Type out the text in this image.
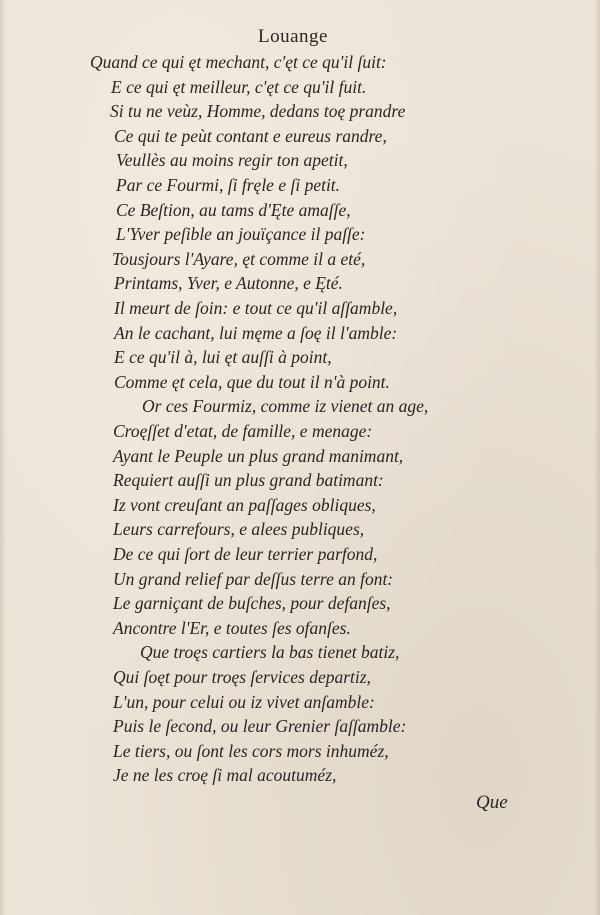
Louange
Quand ce qui ęt mechant, c'ęt ce qu'il ſuit:
E ce qui ęt meilleur, c'ęt ce qu'il fuit.
Si tu ne veùz, Homme, dedans toę prandre
Ce qui te peùt contant e eureus randre,
Veullès au moins regir ton apetit,
Par ce Fourmi, ſi fręle e ſi petit.
Ce Beſtion, au tams d'Ęte amaſſe,
L'Yver peſible an jouïçance il paſſe:
Tousjours l'Ayare, ęt comme il a eté,
Printams, Yver, e Autonne, e Ęté.
Il meurt de ſoin: e tout ce qu'il aſſamble,
An le cachant, lui męme a ſoę il l'amble:
E ce qu'il à, lui ęt auſſi à point,
Comme ęt cela, que du tout il n'à point.
Or ces Fourmiz, comme iz vienet an age,
Croęſſet d'etat, de famille, e menage:
Ayant le Peuple un plus grand manimant,
Requiert auſſi un plus grand batimant:
Iz vont creuſant an paſſages obliques,
Leurs carrefours, e alees publiques,
De ce qui ſort de leur terrier parfond,
Un grand relief par deſſus terre an font:
Le garniçant de buſches, pour defanſes,
Ancontre l'Er, e toutes ſes ofanſes.
Que troęs cartiers la bas tienet batiz,
Qui ſoęt pour troęs ſervices departiz,
L'un, pour celui ou iz vivet anſamble:
Puis le ſecond, ou leur Grenier ſaſſamble:
Le tiers, ou ſont les cors mors inhuméz,
Je ne les croę ſi mal acoutuméz,
Que
